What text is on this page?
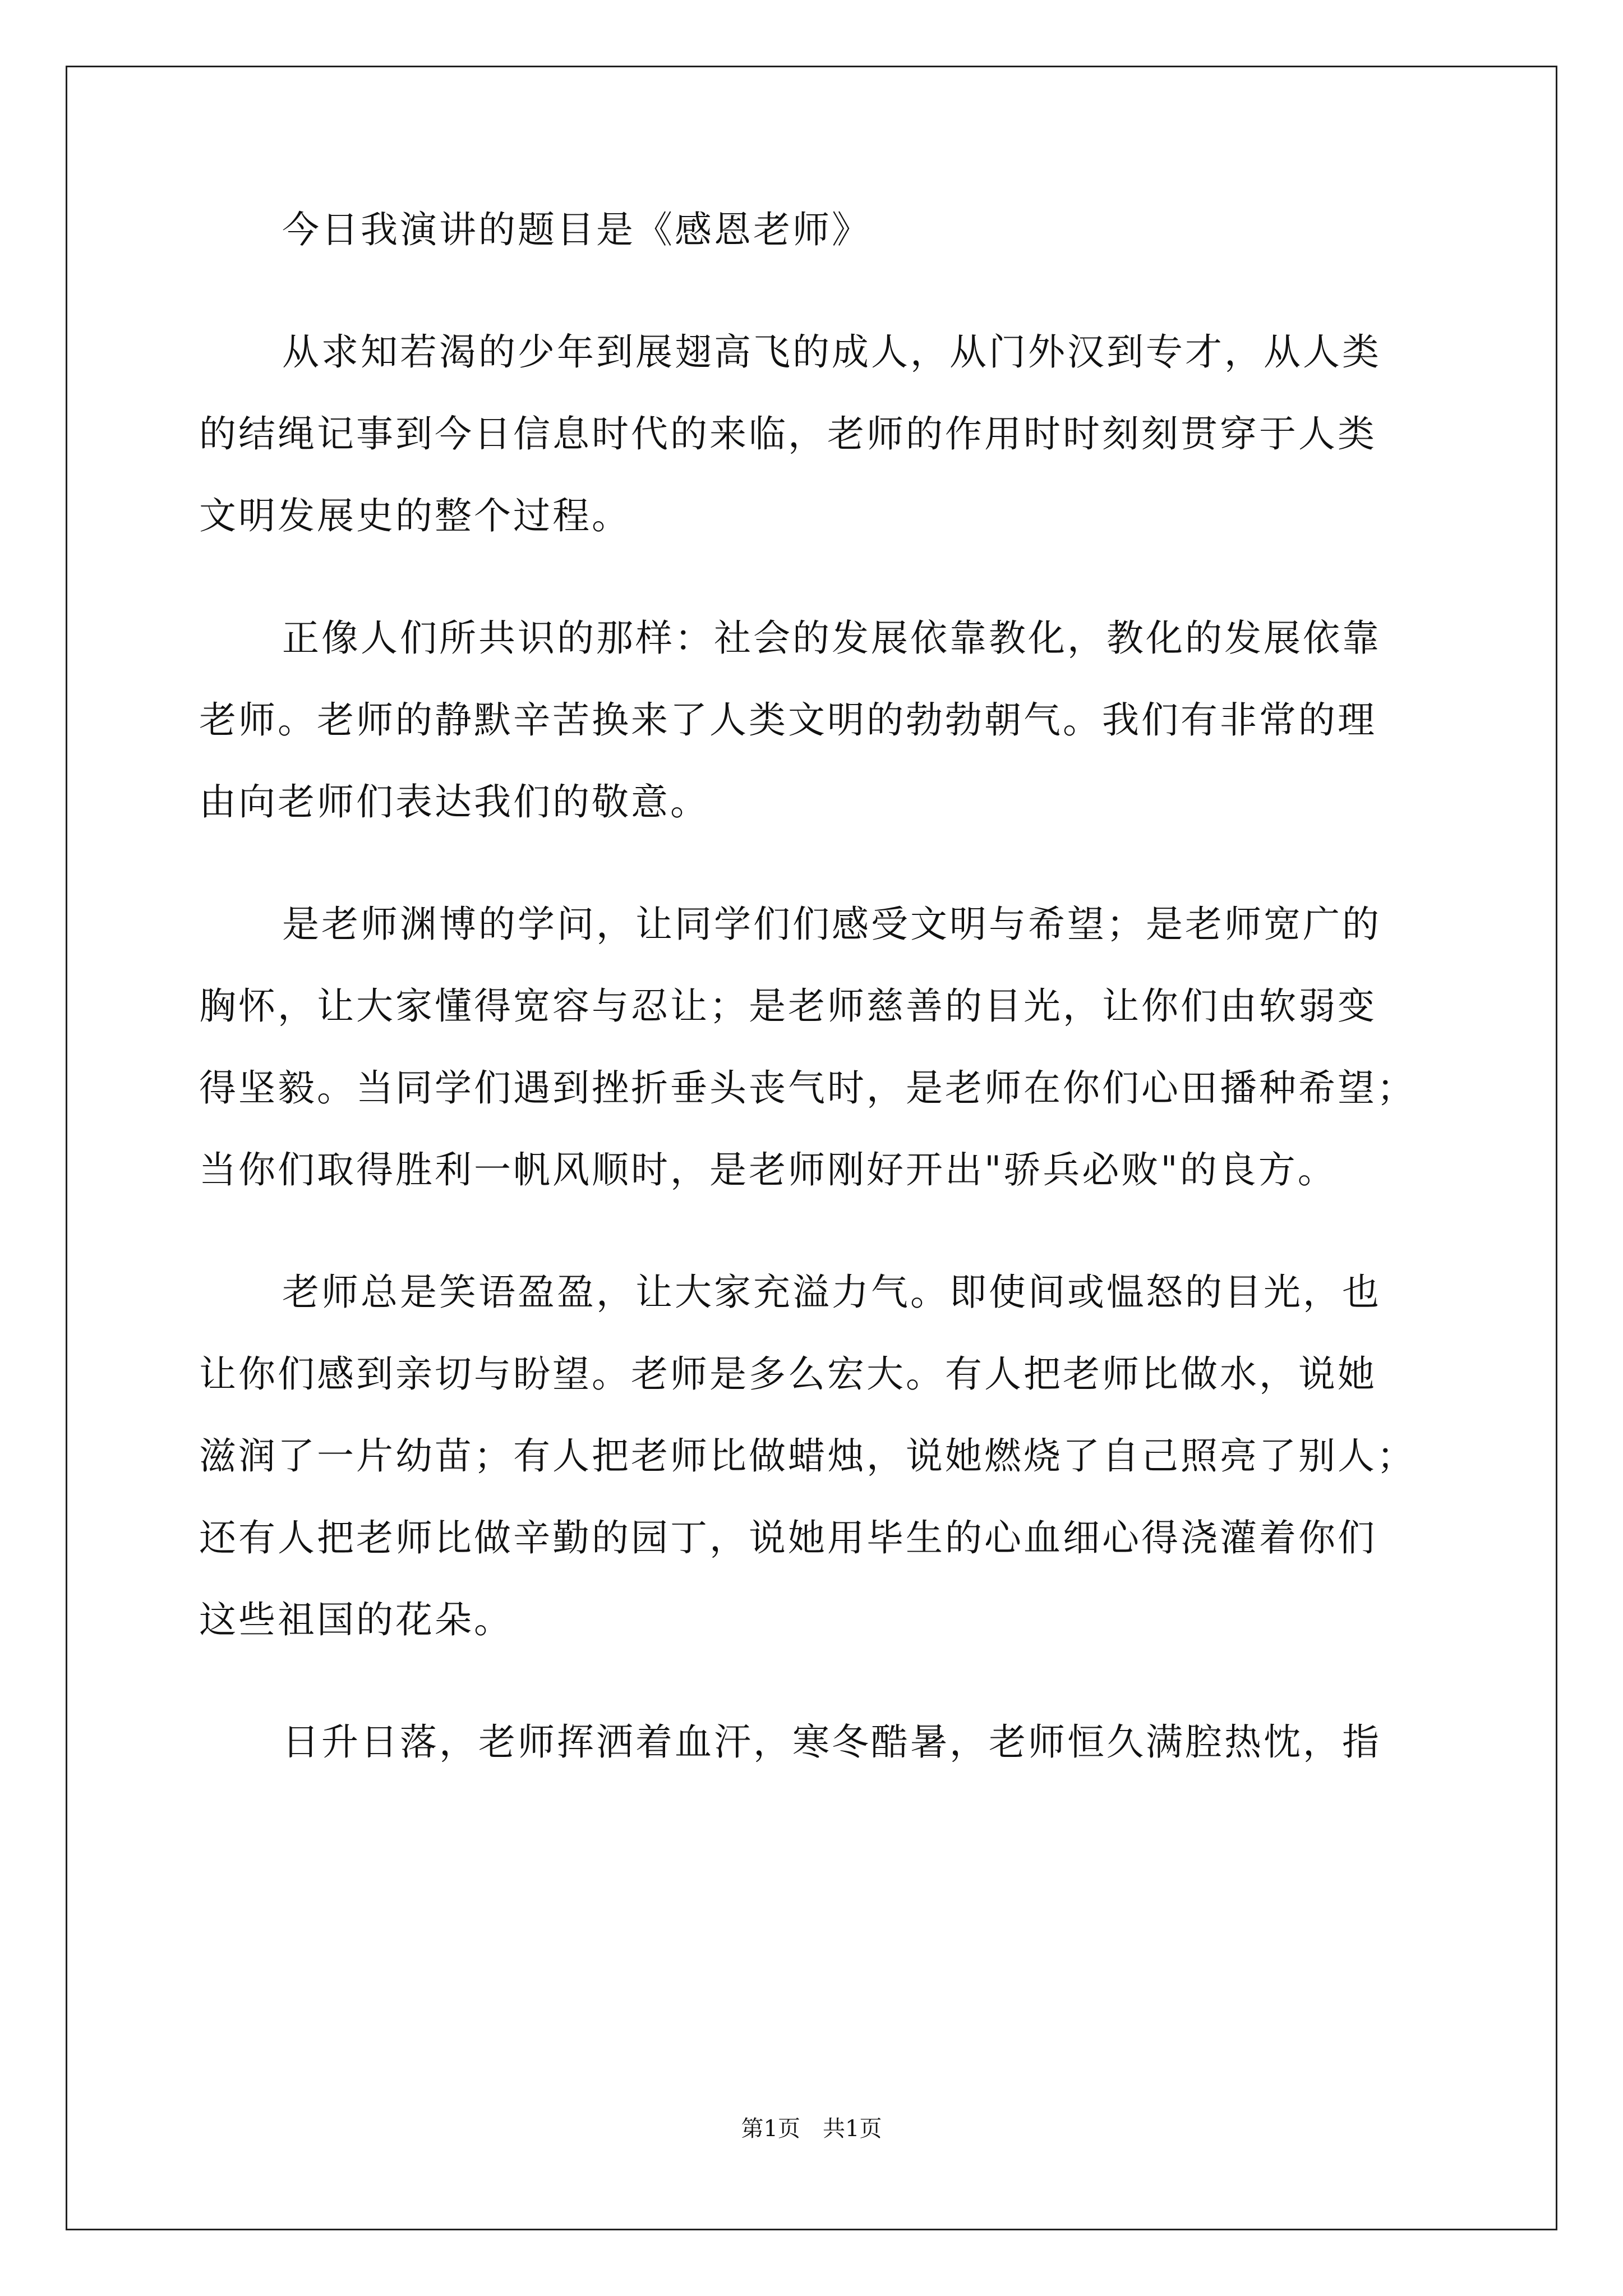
今日我演讲的题目是《感恩老师》
从求知若渴的少年到展翅高飞的成人，从门外汉到专才，从人类
的结绳记事到今日信息时代的来临，老师的作用时时刻刻贯穿于人类
文明发展史的整个过程。
正像人们所共识的那样：社会的发展依靠教化，教化的发展依靠
老师。老师的静默辛苦换来了人类文明的勃勃朝气。我们有非常的理
由向老师们表达我们的敬意。
是老师渊博的学问，让同学们们感受文明与希望；是老师宽广的
胸怀，让大家懂得宽容与忍让；是老师慈善的目光，让你们由软弱变
得坚毅。当同学们遇到挫折垂头丧气时，是老师在你们心田播种希望；
当你们取得胜利一帆风顺时，是老师刚好开出"骄兵必败"的良方。
老师总是笑语盈盈，让大家充溢力气。即使间或愠怒的目光，也
让你们感到亲切与盼望。老师是多么宏大。有人把老师比做水，说她
滋润了一片幼苗；有人把老师比做蜡烛，说她燃烧了自己照亮了别人；
还有人把老师比做辛勤的园丁，说她用毕生的心血细心得浇灌着你们
这些祖国的花朵。
日升日落，老师挥洒着血汗，寒冬酷暑，老师恒久满腔热忱，指
第1页　共1页
